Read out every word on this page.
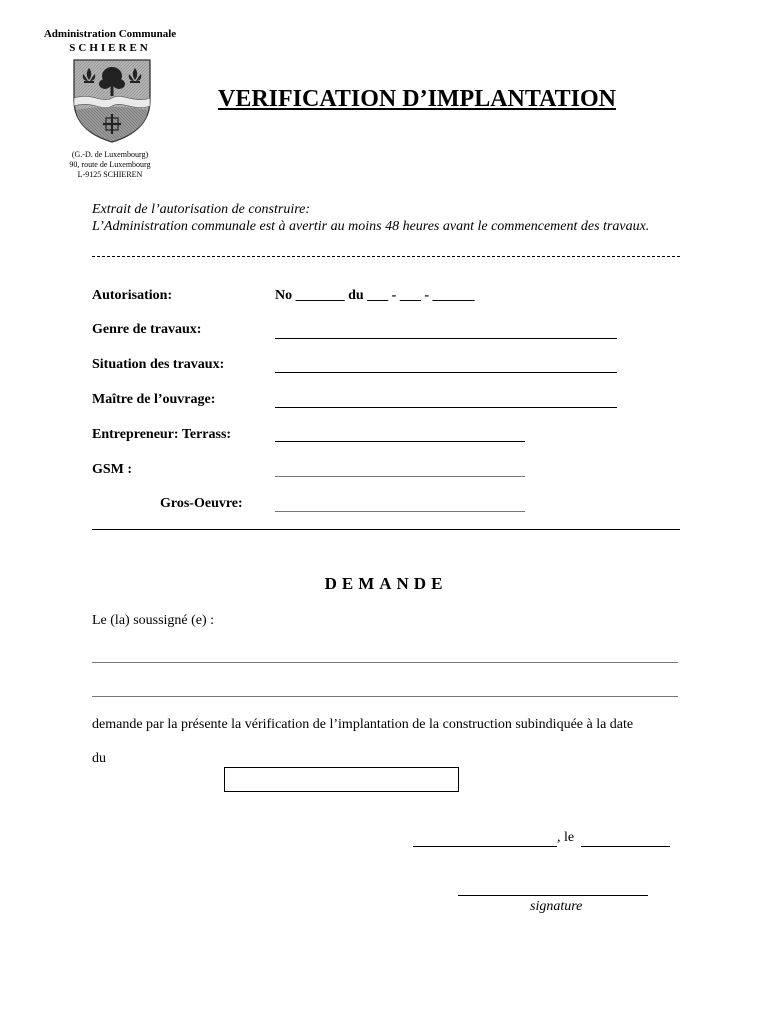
Administration Communale
SCHIEREN
(G.-D. de Luxembourg)
90, route de Luxembourg
L-9125 SCHIEREN
VERIFICATION D’IMPLANTATION
Extrait de l’autorisation de construire:
L’Administration communale est à avertir au moins 48 heures avant le commencement des travaux.
Autorisation:	No _______ du ___ - ___ - ______
Genre de travaux:
Situation des travaux:
Maître de l’ouvrage:
Entrepreneur: Terrass:
GSM :
Gros-Oeuvre:
DEMANDE
Le (la) soussigné (e) :
demande par la présente la vérification de l’implantation de la construction subindiquée à la date
du
, le
signature
